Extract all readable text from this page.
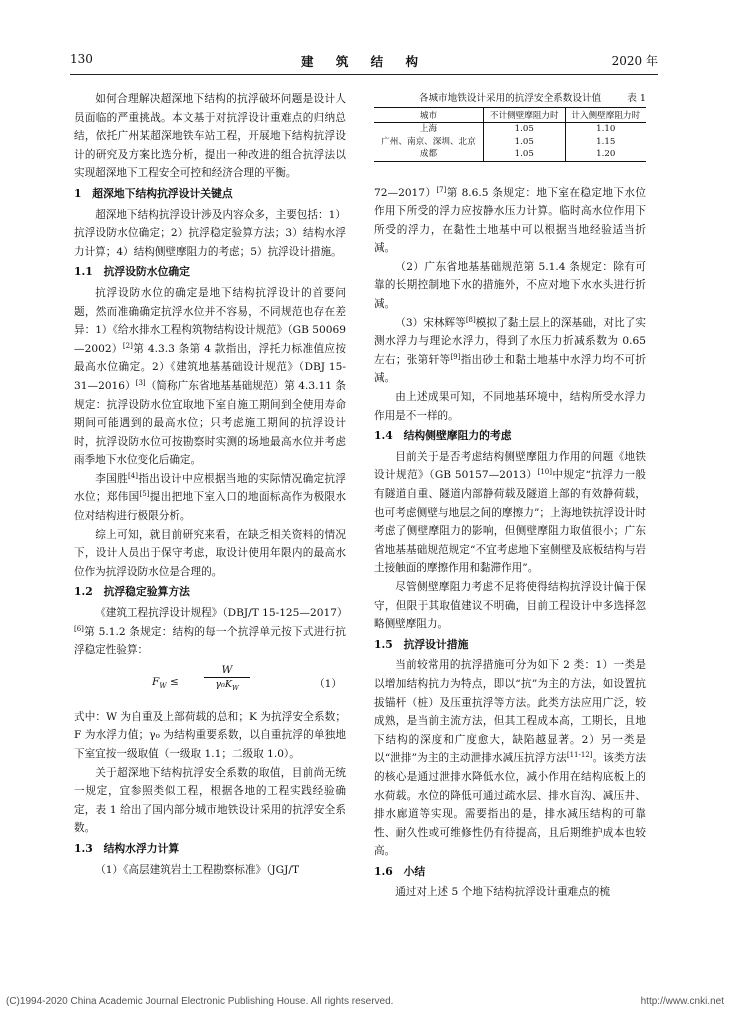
130	建 筑 结 构	2020 年

如何合理解决超深地下结构的抗浮破坏问题是设计人员面临的严重挑战。本文基于对抗浮设计重难点的归纳总结，依托广州某超深地铁车站工程，开展地下结构抗浮设计的研究及方案比选分析，提出一种改进的组合抗浮法以实现超深地下工程安全可控和经济合理的平衡。

1　超深地下结构抗浮设计关键点

超深地下结构抗浮设计涉及内容众多，主要包括：1）抗浮设防水位确定；2）抗浮稳定验算方法；3）结构水浮力计算；4）结构侧壁摩阻力的考虑；5）抗浮设计措施。

1.1　抗浮设防水位确定

抗浮设防水位的确定是地下结构抗浮设计的首要问题，然而准确确定抗浮水位并不容易，不同规范也存在差异：1）《给水排水工程构筑物结构设计规范》（GB 50069—2002）[2]第 4.3.3 条第 4 款指出，浮托力标准值应按最高水位确定。2）《建筑地基基础设计规范》（DBJ 15-31—2016）[3]（简称广东省地基基础规范）第 4.3.11 条规定：抗浮设防水位宜取地下室自施工期间到全使用寿命期间可能遇到的最高水位；只考虑施工期间的抗浮设计时，抗浮设防水位可按勘察时实测的场地最高水位并考虑雨季地下水位变化后确定。

李国胜[4]指出设计中应根据当地的实际情况确定抗浮水位；郑伟国[5]提出把地下室入口的地面标高作为极限水位对结构进行极限分析。

综上可知，就目前研究来看，在缺乏相关资料的情况下，设计人员出于保守考虑，取设计使用年限内的最高水位作为抗浮设防水位是合理的。

1.2　抗浮稳定验算方法

《建筑工程抗浮设计规程》（DBJ/T 15-125—2017）[6]第 5.1.2 条规定：结构的每一个抗浮单元按下式进行抗浮稳定性验算：

$F_W \le \frac{W}{\gamma_0K_W}$	（1）

式中：W 为自重及上部荷载的总和；K 为抗浮安全系数；F 为水浮力值；γ₀ 为结构重要系数，以自重抗浮的单独地下室宜按一级取值（一级取 1.1；二级取 1.0）。

关于超深地下结构抗浮安全系数的取值，目前尚无统一规定，宜参照类似工程，根据各地的工程实践经验确定，表 1 给出了国内部分城市地铁设计采用的抗浮安全系数。

1.3　结构水浮力计算

（1）《高层建筑岩土工程勘察标准》（JGJ/T

各城市地铁设计采用的抗浮安全系数设计值	表 1
城市	不计侧壁摩阻力时	计入侧壁摩阻力时
上海	1.05	1.10
广州、南京、深圳、北京	1.05	1.15
成都	1.05	1.20

72—2017）[7]第 8.6.5 条规定：地下室在稳定地下水位作用下所受的浮力应按静水压力计算。临时高水位作用下所受的浮力，在黏性土地基中可以根据当地经验适当折减。

（2）广东省地基基础规范第 5.1.4 条规定：除有可靠的长期控制地下水的措施外，不应对地下水水头进行折减。

（3）宋林辉等[8]模拟了黏土层上的深基础，对比了实测水浮力与理论水浮力，得到了水压力折减系数为 0.65 左右；张第轩等[9]指出砂土和黏土地基中水浮力均不可折减。

由上述成果可知，不同地基环境中，结构所受水浮力作用是不一样的。

1.4　结构侧壁摩阻力的考虑

目前关于是否考虑结构侧壁摩阻力作用的问题《地铁设计规范》（GB 50157—2013）[10]中规定“抗浮力一般有隧道自重、隧道内部静荷载及隧道上部的有效静荷载，也可考虑侧壁与地层之间的摩擦力”；上海地铁抗浮设计时考虑了侧壁摩阻力的影响，但侧壁摩阻力取值很小；广东省地基基础规范规定“不宜考虑地下室侧壁及底板结构与岩土接触面的摩擦作用和黏滞作用”。

尽管侧壁摩阻力考虑不足将使得结构抗浮设计偏于保守，但限于其取值建议不明确，目前工程设计中多选择忽略侧壁摩阻力。

1.5　抗浮设计措施

当前较常用的抗浮措施可分为如下 2 类：1）一类是以增加结构抗力为特点，即以“抗”为主的方法，如设置抗拔锚杆（桩）及压重抗浮等方法。此类方法应用广泛，较成熟，是当前主流方法，但其工程成本高，工期长，且地下结构的深度和广度愈大，缺陷越显著。2）另一类是以“泄排”为主的主动泄排水减压抗浮方法[11-12]。该类方法的核心是通过泄排水降低水位，减小作用在结构底板上的水荷载。水位的降低可通过疏水层、排水盲沟、减压井、排水廊道等实现。需要指出的是，排水减压结构的可靠性、耐久性或可维修性仍有待提高，且后期维护成本也较高。

1.6　小结

通过对上述 5 个地下结构抗浮设计重难点的梳

(C)1994-2020 China Academic Journal Electronic Publishing House. All rights reserved.	http://www.cnki.net
